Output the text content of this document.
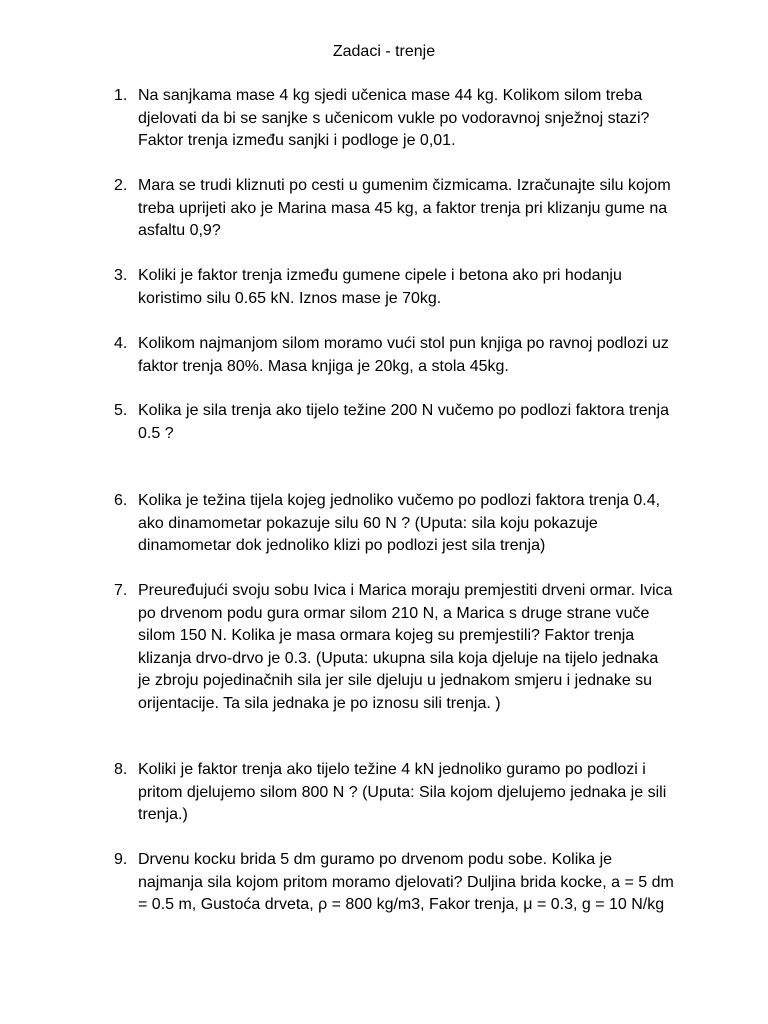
Zadaci - trenje
1. Na sanjkama mase 4 kg sjedi učenica mase 44 kg. Kolikom silom treba djelovati da bi se sanjke s učenicom vukle po vodoravnoj snježnoj stazi? Faktor trenja između sanjki i podloge je 0,01.
2. Mara se trudi kliznuti po cesti u gumenim čizmicama. Izračunajte silu kojom treba uprijeti ako je Marina masa 45 kg, a faktor trenja pri klizanju gume na asfaltu 0,9?
3. Koliki je faktor trenja između gumene cipele i betona ako pri hodanju koristimo silu 0.65 kN. Iznos mase je 70kg.
4. Kolikom najmanjom silom moramo vući stol pun knjiga po ravnoj podlozi uz faktor trenja 80%. Masa knjiga je 20kg, a stola 45kg.
5. Kolika je sila trenja ako tijelo težine 200 N vučemo po podlozi faktora trenja 0.5 ?
6. Kolika je težina tijela kojeg jednoliko vučemo po podlozi faktora trenja 0.4, ako dinamometar pokazuje silu 60 N ? (Uputa: sila koju pokazuje dinamometar dok jednoliko klizi po podlozi jest sila trenja)
7. Preuređujući svoju sobu Ivica i Marica moraju premjestiti drveni ormar. Ivica po drvenom podu gura ormar silom 210 N, a Marica s druge strane vuče silom 150 N. Kolika je masa ormara kojeg su premjestili? Faktor trenja klizanja drvo-drvo je 0.3. (Uputa: ukupna sila koja djeluje na tijelo jednaka je zbroju pojedinačnih sila jer sile djeluju u jednakom smjeru i jednake su orijentacije. Ta sila jednaka je po iznosu sili trenja. )
8. Koliki je faktor trenja ako tijelo težine 4 kN jednoliko guramo po podlozi i pritom djelujemo silom 800 N ? (Uputa: Sila kojom djelujemo jednaka je sili trenja.)
9. Drvenu kocku brida 5 dm guramo po drvenom podu sobe. Kolika je najmanja sila kojom pritom moramo djelovati? Duljina brida kocke, a = 5 dm = 0.5 m, Gustoća drveta, ρ = 800 kg/m3, Fakor trenja, μ = 0.3, g = 10 N/kg
